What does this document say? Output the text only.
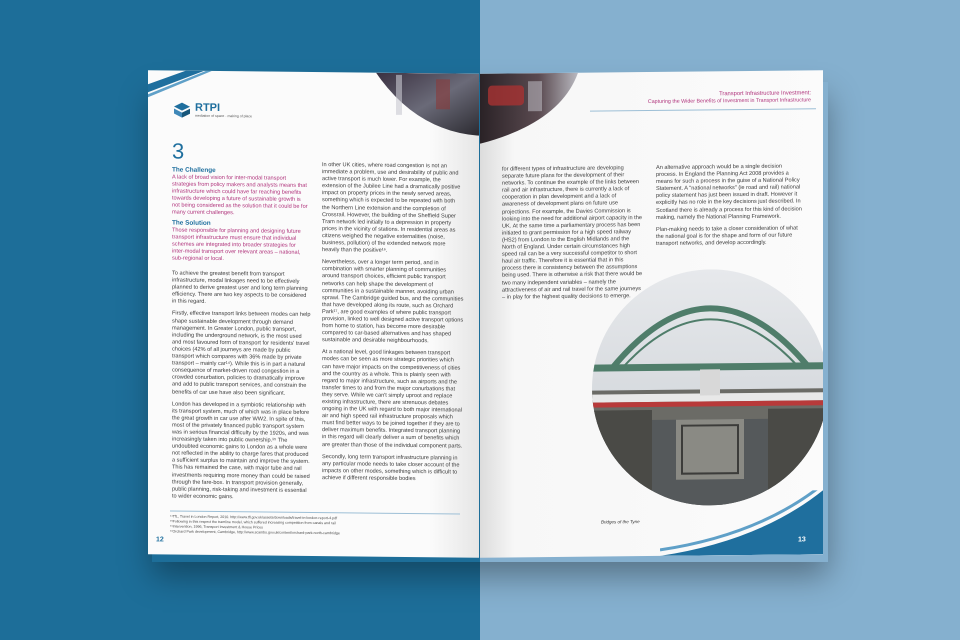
RTPI
mediation of space · making of place
3
The Challenge
A lack of broad vision for inter-modal transport strategies from policy makers and analysts means that infrastructure which could have far reaching benefits towards developing a future of sustainable growth is not being considered as the solution that it could be for many current challenges.
The Solution
Those responsible for planning and designing future transport infrastructure must ensure that individual schemes are integrated into broader strategies for inter-modal transport over relevant areas – national, sub-regional or local.

To achieve the greatest benefit from transport infrastructure, modal linkages need to be effectively planned to derive greatest user and long term planning efficiency. There are two key aspects to be considered in this regard.

Firstly, effective transport links between modes can help shape sustainable development through demand management. In Greater London, public transport, including the underground network, is the most used and most favoured form of transport for residents' travel choices (42% of all journeys are made by public transport which compares with 36% made by private transport – mainly car¹⁴). While this is in part a natural consequence of market-driven road congestion in a crowded conurbation, policies to dramatically improve and add to public transport services, and constrain the benefits of car use have also been significant.

London has developed in a symbiotic relationship with its transport system, much of which was in place before the great growth in car use after WW2. In spite of this, most of the privately financed public transport system was in serious financial difficulty by the 1920s, and was increasingly taken into public ownership.¹⁵ The undoubted economic gains to London as a whole were not reflected in the ability to charge fares that produced a sufficient surplus to maintain and improve the system. This has remained the case, with major tube and rail investments requiring more money than could be raised through the fare-box. In transport provision generally, public planning, risk-taking and investment is essential to wider economic gains.

In other UK cities, where road congestion is not an immediate a problem, use and desirability of public and active transport is much lower. For example, the extension of the Jubilee Line had a dramatically positive impact on property prices in the newly served areas, something which is expected to be repeated with both the Northern Line extension and the completion of Crossrail. However, the building of the Sheffield Super Tram network led initially to a depression in property prices in the vicinity of stations. In residential areas as citizens weighed the negative externalities (noise, business, pollution) of the extended network more heavily than the positive¹⁶.

Nevertheless, over a longer term period, and in combination with smarter planning of communities around transport choices, efficient public transport networks can help shape the development of communities in a sustainable manner, avoiding urban sprawl. The Cambridge guided bus, and the communities that have developed along its route, such as Orchard Park¹⁷, are good examples of where public transport provision, linked to well designed active transport options from home to station, has become more desirable compared to car-based alternatives and has shaped sustainable and desirable neighbourhoods.

At a national level, good linkages between transport modes can be seen as more strategic priorities which can have major impacts on the competitiveness of cities and the country as a whole. This is plainly seen with regard to major infrastructure, such as airports and the transfer times to and from the major conurbations that they serve. While we can't simply uproot and replace existing infrastructure, there are strenuous debates ongoing in the UK with regard to both major international air and high speed rail infrastructure proposals which must find better ways to be joined together if they are to deliver maximum benefits. Integrated transport planning in this regard will clearly deliver a sum of benefits which are greater than those of the individual component parts.

Secondly, long term transport infrastructure planning in any particular mode needs to take closer account of the impacts on other modes, something which is difficult to achieve if different responsible bodies

¹⁴TfL, Travel in London Report, 2010. http://www.tfl.gov.uk/assets/downloads/travel-in-london-report-4.pdf
¹⁵Following in this respect the tramline model, which suffered increasing competition from canals and rail
¹⁶Intervention, 1996, Transport Investment & House Prices
¹⁷Orchard Park development, Cambridge, http://www.scambs.gov.uk/content/orchard-park-north-cambridge
12
Transport Infrastructure Investment:
Capturing the Wider Benefits of Investment in Transport Infrastructure
for different types of infrastructure are developing separate future plans for the development of their networks. To continue the example of the links between rail and air infrastructure, there is currently a lack of cooperation in plan development and a lack of awareness of development plans on future use projections. For example, the Davies Commission is looking into the need for additional airport capacity in the UK. At the same time a parliamentary process has been initiated to grant permission for a high speed railway (HS2) from London to the English Midlands and the North of England. Under certain circumstances high speed rail can be a very successful competitor to short haul air traffic. Therefore it is essential that in this process there is consistency between the assumptions being used. There is otherwise a risk that there would be two many independent variables – namely the attractiveness of air and rail travel for the same journeys – in play for the highest quality decisions to emerge.

An alternative approach would be a single decision process. In England the Planning Act 2008 provides a means for such a process in the guise of a National Policy Statement. A "national networks" (ie road and rail) national policy statement has just been issued in draft. However it explicitly has no role in the key decisions just described. In Scotland there is already a process for this kind of decision making, namely the National Planning Framework.

Plan-making needs to take a closer consideration of what the national goal is for the shape and form of our future transport networks, and develop accordingly.

Bridges of the Tyne
13
